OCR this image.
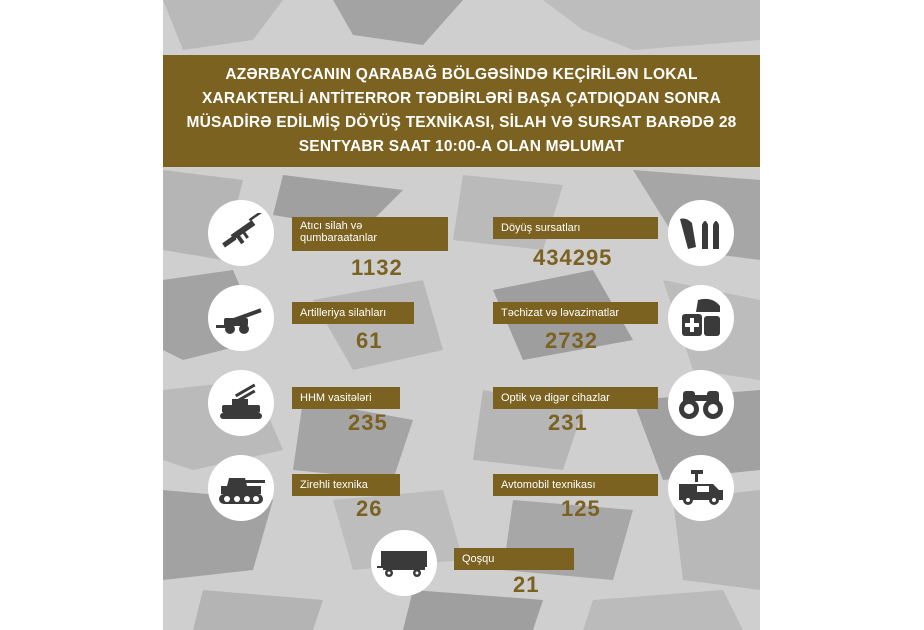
AZƏRBAYCANIN QARABAĞ BÖLGƏSİNDƏ KEÇİRİLƏN LOKAL XARAKTERLİ ANTİTERROR TƏDBİRLƏRİ BAŞA ÇATDIQDAN SONRA MÜSADİRƏ EDİLMİŞ DÖYÜŞ TEXNİKASI, SİLAH VƏ SURSAT BARƏDƏ 28 SENTYABR SAAT 10:00-A OLAN MƏLUMAT
Atıcı silah və qumbaraatanlar
1132
Döyüş sursatları
434295
Artilleriya silahları
61
Təchizat və ləvazimatlar
2732
HHM vasitələri
235
Optik və digər cihazlar
231
Zirehli texnika
26
Avtomobil texnikası
125
Qoşqu
21
